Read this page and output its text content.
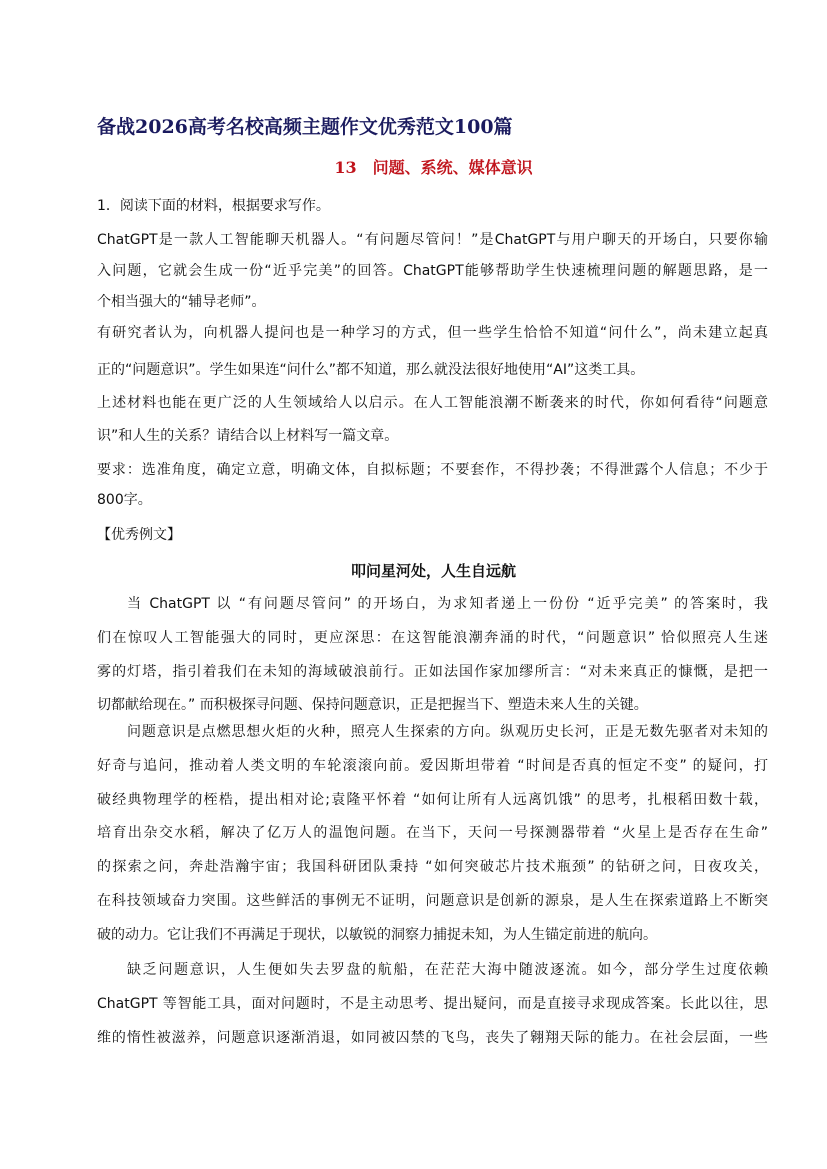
备战2026高考名校高频主题作文优秀范文100篇
13　问题、系统、媒体意识
叩问星河处，人生自远航
1．阅读下面的材料，根据要求写作。
ChatGPT是一款人工智能聊天机器人。“有问题尽管问！”是ChatGPT与用户聊天的开场白，只要你输
入问题，它就会生成一份“近乎完美”的回答。ChatGPT能够帮助学生快速梳理问题的解题思路，是一
个相当强大的“辅导老师”。
有研究者认为，向机器人提问也是一种学习的方式，但一些学生恰恰不知道“问什么”，尚未建立起真
正的“问题意识”。学生如果连“问什么”都不知道，那么就没法很好地使用“AI”这类工具。
上述材料也能在更广泛的人生领域给人以启示。在人工智能浪潮不断袭来的时代，你如何看待“问题意
识”和人生的关系？请结合以上材料写一篇文章。
要求：选准角度，确定立意，明确文体，自拟标题；不要套作，不得抄袭；不得泄露个人信息；不少于
800字。
【优秀例文】
当 ChatGPT 以 “有问题尽管问” 的开场白，为求知者递上一份份 “近乎完美” 的答案时，我
们在惊叹人工智能强大的同时，更应深思：在这智能浪潮奔涌的时代，“问题意识” 恰似照亮人生迷
雾的灯塔，指引着我们在未知的海域破浪前行。正如法国作家加缪所言：“对未来真正的慷慨，是把一
切都献给现在。” 而积极探寻问题、保持问题意识，正是把握当下、塑造未来人生的关键。
问题意识是点燃思想火炬的火种，照亮人生探索的方向。纵观历史长河，正是无数先驱者对未知的
好奇与追问，推动着人类文明的车轮滚滚向前。爱因斯坦带着 “时间是否真的恒定不变” 的疑问，打
破经典物理学的桎梏，提出相对论;袁隆平怀着 “如何让所有人远离饥饿” 的思考，扎根稻田数十载，
培育出杂交水稻，解决了亿万人的温饱问题。在当下，天问一号探测器带着 “火星上是否存在生命”
的探索之问，奔赴浩瀚宇宙；我国科研团队秉持 “如何突破芯片技术瓶颈” 的钻研之问，日夜攻关，
在科技领域奋力突围。这些鲜活的事例无不证明，问题意识是创新的源泉，是人生在探索道路上不断突
破的动力。它让我们不再满足于现状，以敏锐的洞察力捕捉未知，为人生锚定前进的航向。
缺乏问题意识，人生便如失去罗盘的航船，在茫茫大海中随波逐流。如今，部分学生过度依赖
ChatGPT 等智能工具，面对问题时，不是主动思考、提出疑问，而是直接寻求现成答案。长此以往，思
维的惰性被滋养，问题意识逐渐消退，如同被囚禁的飞鸟，丧失了翱翔天际的能力。在社会层面，一些
